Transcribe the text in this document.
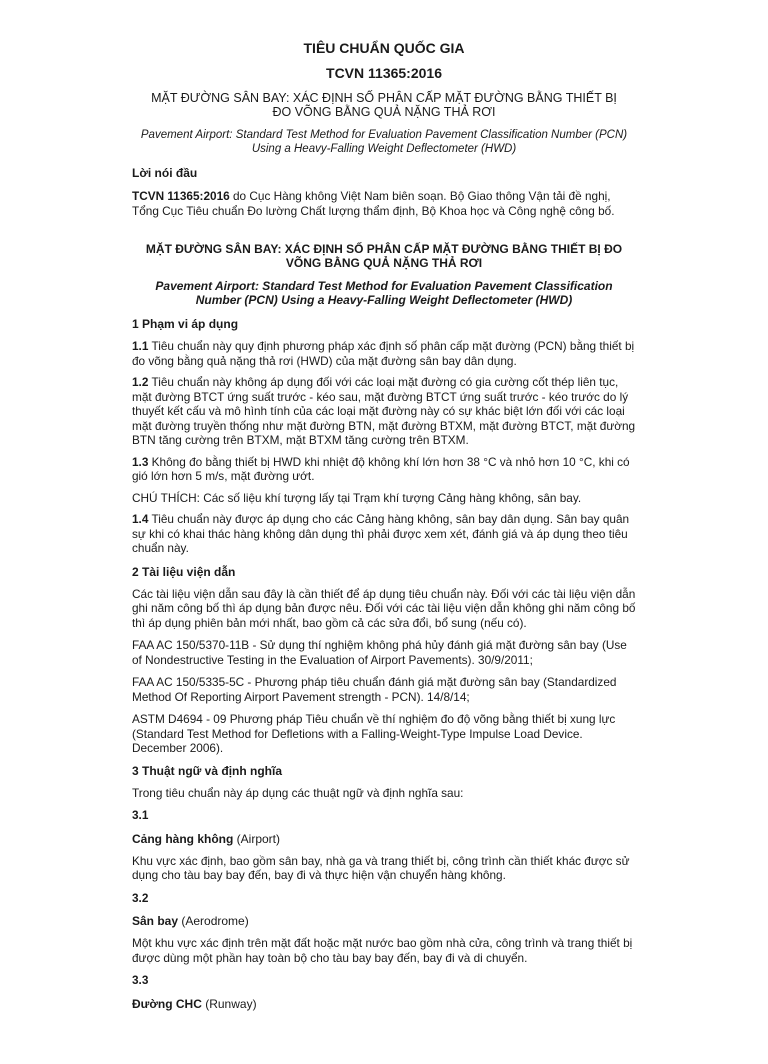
TIÊU CHUẨN QUỐC GIA

TCVN 11365:2016

MẶT ĐƯỜNG SÂN BAY: XÁC ĐỊNH SỐ PHÂN CẤP MẶT ĐƯỜNG BẰNG THIẾT BỊ ĐO VÕNG BẰNG QUẢ NẶNG THẢ RƠI

Pavement Airport: Standard Test Method for Evaluation Pavement Classification Number (PCN) Using a Heavy-Falling Weight Deflectometer (HWD)

Lời nói đầu

TCVN 11365:2016 do Cục Hàng không Việt Nam biên soạn. Bộ Giao thông Vận tải đề nghị, Tổng Cục Tiêu chuẩn Đo lường Chất lượng thẩm định, Bộ Khoa học và Công nghệ công bố.

MẶT ĐƯỜNG SÂN BAY: XÁC ĐỊNH SỐ PHÂN CẤP MẶT ĐƯỜNG BẰNG THIẾT BỊ ĐO VÕNG BẰNG QUẢ NẶNG THẢ RƠI

Pavement Airport: Standard Test Method for Evaluation Pavement Classification Number (PCN) Using a Heavy-Falling Weight Deflectometer (HWD)

1 Phạm vi áp dụng

1.1 Tiêu chuẩn này quy định phương pháp xác định số phân cấp mặt đường (PCN) bằng thiết bị đo võng bằng quả nặng thả rơi (HWD) của mặt đường sân bay dân dụng.

1.2 Tiêu chuẩn này không áp dụng đối với các loại mặt đường có gia cường cốt thép liên tục, mặt đường BTCT ứng suất trước - kéo sau, mặt đường BTCT ứng suất trước - kéo trước do lý thuyết kết cấu và mô hình tính của các loại mặt đường này có sự khác biệt lớn đối với các loại mặt đường truyền thống như mặt đường BTN, mặt đường BTXM, mặt đường BTCT, mặt đường BTN tăng cường trên BTXM, mặt BTXM tăng cường trên BTXM.

1.3 Không đo bằng thiết bị HWD khi nhiệt độ không khí lớn hơn 38 °C và nhỏ hơn 10 °C, khi có gió lớn hơn 5 m/s, mặt đường ướt.

CHÚ THÍCH: Các số liệu khí tượng lấy tại Trạm khí tượng Cảng hàng không, sân bay.

1.4 Tiêu chuẩn này được áp dụng cho các Cảng hàng không, sân bay dân dụng. Sân bay quân sự khi có khai thác hàng không dân dụng thì phải được xem xét, đánh giá và áp dụng theo tiêu chuẩn này.

2 Tài liệu viện dẫn

Các tài liệu viện dẫn sau đây là cần thiết để áp dụng tiêu chuẩn này. Đối với các tài liệu viện dẫn ghi năm công bố thì áp dụng bản được nêu. Đối với các tài liệu viện dẫn không ghi năm công bố thì áp dụng phiên bản mới nhất, bao gồm cả các sửa đổi, bổ sung (nếu có).

FAA AC 150/5370-11B - Sử dụng thí nghiệm không phá hủy đánh giá mặt đường sân bay (Use of Nondestructive Testing in the Evaluation of Airport Pavements). 30/9/2011;

FAA AC 150/5335-5C - Phương pháp tiêu chuẩn đánh giá mặt đường sân bay (Standardized Method Of Reporting Airport Pavement strength - PCN). 14/8/14;

ASTM D4694 - 09 Phương pháp Tiêu chuẩn về thí nghiệm đo độ võng bằng thiết bị xung lực (Standard Test Method for Defletions with a Falling-Weight-Type Impulse Load Device. December 2006).

3 Thuật ngữ và định nghĩa

Trong tiêu chuẩn này áp dụng các thuật ngữ và định nghĩa sau:

3.1

Cảng hàng không (Airport)

Khu vực xác định, bao gồm sân bay, nhà ga và trang thiết bị, công trình cần thiết khác được sử dụng cho tàu bay bay đến, bay đi và thực hiện vận chuyển hàng không.

3.2

Sân bay (Aerodrome)

Một khu vực xác định trên mặt đất hoặc mặt nước bao gồm nhà cửa, công trình và trang thiết bị được dùng một phần hay toàn bộ cho tàu bay bay đến, bay đi và di chuyển.

3.3

Đường CHC (Runway)
